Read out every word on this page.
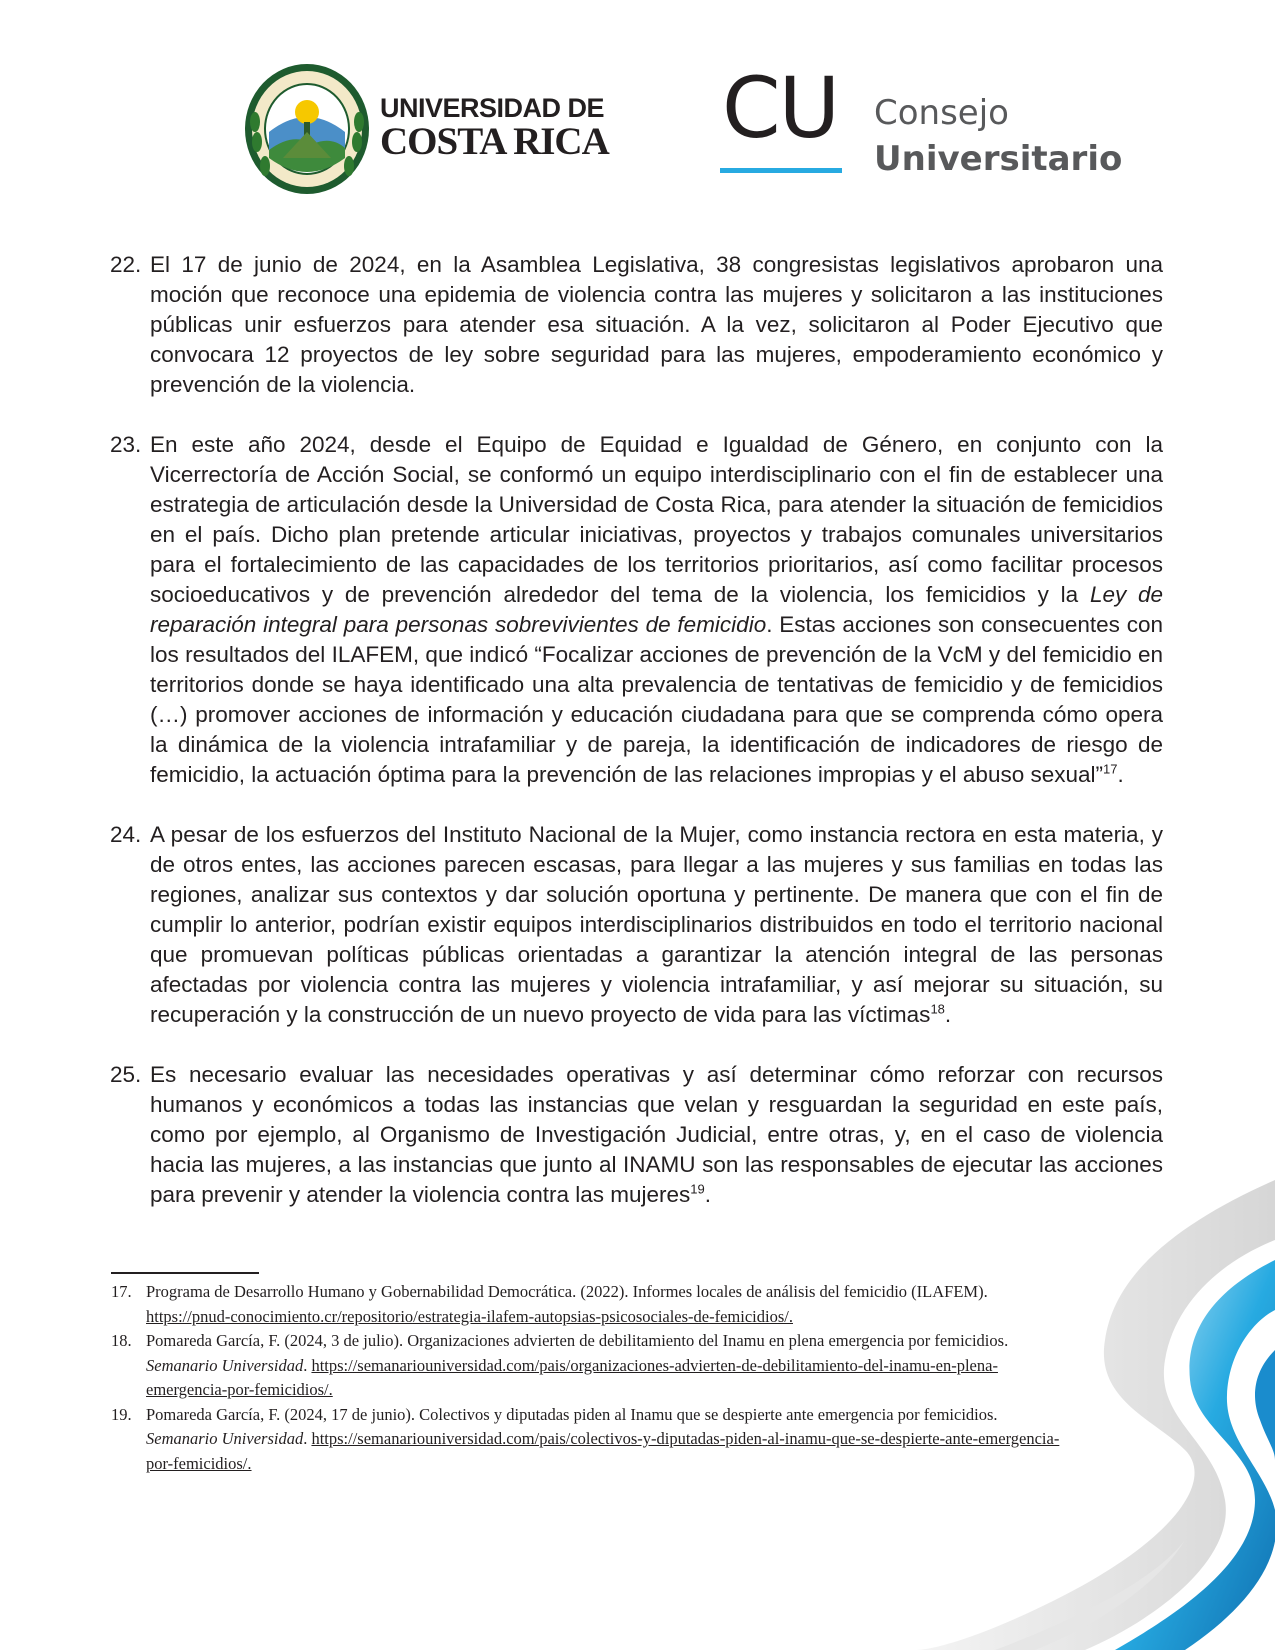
UNIVERSIDAD DE
COSTA RICA CU Consejo
Universitario
22. El 17 de junio de 2024, en la Asamblea Legislativa, 38 congresistas legislativos aprobaron una moción que reconoce una epidemia de violencia contra las mujeres y solicitaron a las instituciones públicas unir esfuerzos para atender esa situación. A la vez, solicitaron al Poder Ejecutivo que convocara 12 proyectos de ley sobre seguridad para las mujeres, empoderamiento económico y prevención de la violencia.
23. En este año 2024, desde el Equipo de Equidad e Igualdad de Género, en conjunto con la Vicerrectoría de Acción Social, se conformó un equipo interdisciplinario con el fin de establecer una estrategia de articulación desde la Universidad de Costa Rica, para atender la situación de femicidios en el país. Dicho plan pretende articular iniciativas, proyectos y trabajos comunales universitarios para el fortalecimiento de las capacidades de los territorios prioritarios, así como facilitar procesos socioeducativos y de prevención alrededor del tema de la violencia, los femicidios y la Ley de reparación integral para personas sobrevivientes de femicidio. Estas acciones son consecuentes con los resultados del ILAFEM, que indicó “Focalizar acciones de prevención de la VcM y del femicidio en territorios donde se haya identificado una alta prevalencia de tentativas de femicidio y de femicidios (…) promover acciones de información y educación ciudadana para que se comprenda cómo opera la dinámica de la violencia intrafamiliar y de pareja, la identificación de indicadores de riesgo de femicidio, la actuación óptima para la prevención de las relaciones impropias y el abuso sexual”$^{17}$.
24. A pesar de los esfuerzos del Instituto Nacional de la Mujer, como instancia rectora en esta materia, y de otros entes, las acciones parecen escasas, para llegar a las mujeres y sus familias en todas las regiones, analizar sus contextos y dar solución oportuna y pertinente. De manera que con el fin de cumplir lo anterior, podrían existir equipos interdisciplinarios distribuidos en todo el territorio nacional que promuevan políticas públicas orientadas a garantizar la atención integral de las personas afectadas por violencia contra las mujeres y violencia intrafamiliar, y así mejorar su situación, su recuperación y la construcción de un nuevo proyecto de vida para las víctimas$^{18}$.
25. Es necesario evaluar las necesidades operativas y así determinar cómo reforzar con recursos humanos y económicos a todas las instancias que velan y resguardan la seguridad en este país, como por ejemplo, al Organismo de Investigación Judicial, entre otras, y, en el caso de violencia hacia las mujeres, a las instancias que junto al INAMU son las responsables de ejecutar las acciones para prevenir y atender la violencia contra las mujeres$^{19}$.
17. Programa de Desarrollo Humano y Gobernabilidad Democrática. (2022). Informes locales de análisis del femicidio (ILAFEM). https://pnud-conocimiento.cr/repositorio/estrategia-ilafem-autopsias-psicosociales-de-femicidios/.
18. Pomareda García, F. (2024, 3 de julio). Organizaciones advierten de debilitamiento del Inamu en plena emergencia por femicidios. Semanario Universidad. https://semanariouniversidad.com/pais/organizaciones-advierten-de-debilitamiento-del-inamu-en-plena-emergencia-por-femicidios/.
19. Pomareda García, F. (2024, 17 de junio). Colectivos y diputadas piden al Inamu que se despierte ante emergencia por femicidios. Semanario Universidad. https://semanariouniversidad.com/pais/colectivos-y-diputadas-piden-al-inamu-que-se-despierte-ante-emergencia-por-femicidios/.
